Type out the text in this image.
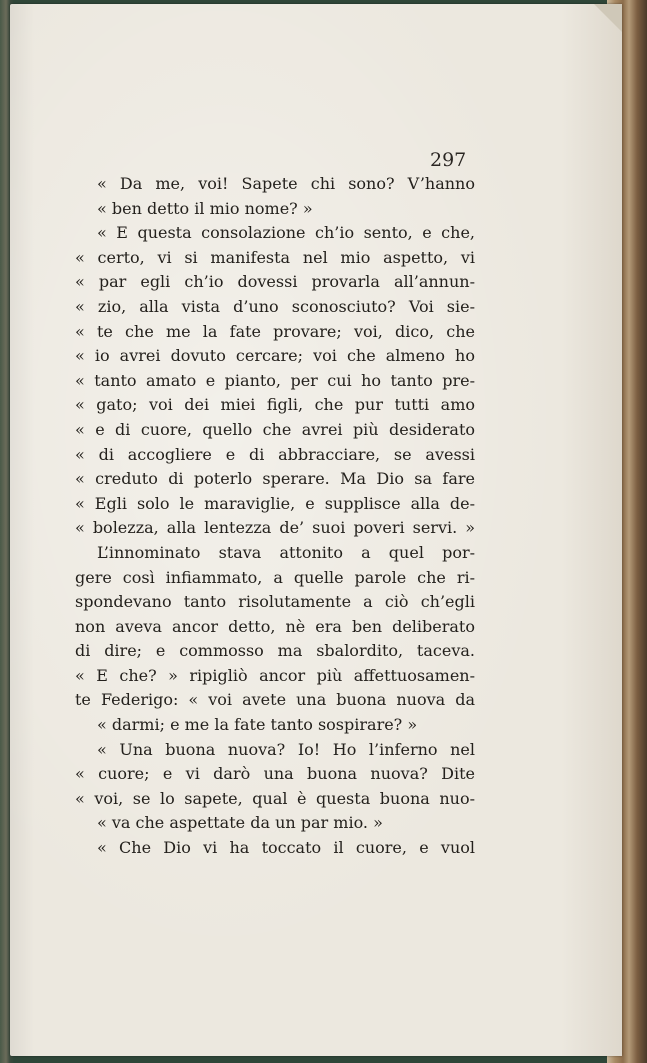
297
« Da me, voi! Sapete chi sono? V’hanno
« ben detto il mio nome? »
« E questa consolazione ch’io sento, e che,
« certo, vi si manifesta nel mio aspetto, vi
« par egli ch’io dovessi provarla all’annun-
« zio, alla vista d’uno sconosciuto? Voi sie-
« te che me la fate provare; voi, dico, che
« io avrei dovuto cercare; voi che almeno ho
« tanto amato e pianto, per cui ho tanto pre-
« gato; voi dei miei figli, che pur tutti amo
« e di cuore, quello che avrei più desiderato
« di accogliere e di abbracciare, se avessi
« creduto di poterlo sperare. Ma Dio sa fare
« Egli solo le maraviglie, e supplisce alla de-
« bolezza, alla lentezza de’ suoi poveri servi. »
L’innominato stava attonito a quel por-
gere così infiammato, a quelle parole che ri-
spondevano tanto risolutamente a ciò ch’egli
non aveva ancor detto, nè era ben deliberato
di dire; e commosso ma sbalordito, taceva.
« E che? » ripigliò ancor più affettuosamen-
te Federigo: « voi avete una buona nuova da
« darmi; e me la fate tanto sospirare? »
« Una buona nuova? Io! Ho l’inferno nel
« cuore; e vi darò una buona nuova? Dite
« voi, se lo sapete, qual è questa buona nuo-
« va che aspettate da un par mio. »
« Che Dio vi ha toccato il cuore, e vuol
